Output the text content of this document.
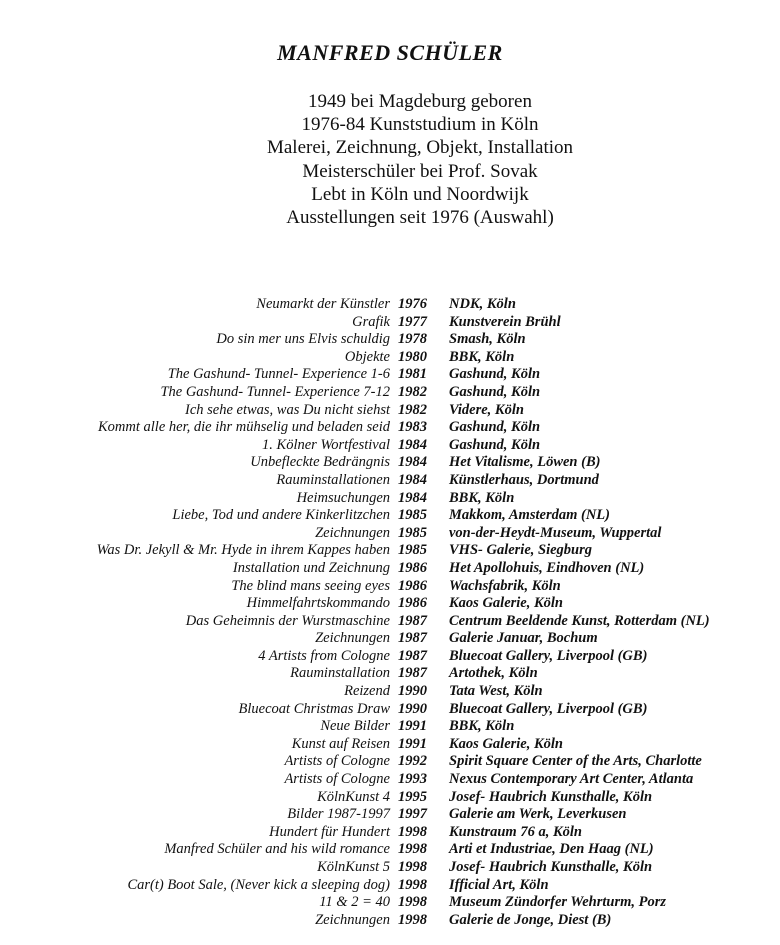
MANFRED SCHÜLER
1949 bei Magdeburg geboren
1976-84 Kunststudium in Köln
Malerei, Zeichnung, Objekt, Installation
Meisterschüler bei Prof. Sovak
Lebt in Köln und Noordwijk
Ausstellungen seit 1976 (Auswahl)
Neumarkt der Künstler 1976	NDK, Köln
Grafik 1977	Kunstverein Brühl
Do sin mer uns Elvis schuldig 1978	Smash, Köln
Objekte 1980	BBK, Köln
The Gashund- Tunnel- Experience 1-6 1981	Gashund, Köln
The Gashund- Tunnel- Experience 7-12 1982	Gashund, Köln
Ich sehe etwas, was Du nicht siehst 1982	Videre, Köln
Kommt alle her, die ihr mühselig und beladen seid 1983	Gashund, Köln
1. Kölner Wortfestival 1984	Gashund, Köln
Unbefleckte Bedrängnis 1984	Het Vitalisme, Löwen (B)
Rauminstallationen 1984	Künstlerhaus, Dortmund
Heimsuchungen 1984	BBK, Köln
Liebe, Tod und andere Kinkerlitzchen 1985	Makkom, Amsterdam (NL)
Zeichnungen 1985	von-der-Heydt-Museum, Wuppertal
Was Dr. Jekyll & Mr. Hyde in ihrem Kappes haben 1985	VHS- Galerie, Siegburg
Installation und Zeichnung 1986	Het Apollohuis, Eindhoven (NL)
The blind mans seeing eyes 1986	Wachsfabrik, Köln
Himmelfahrtskommando 1986	Kaos Galerie, Köln
Das Geheimnis der Wurstmaschine 1987	Centrum Beeldende Kunst, Rotterdam (NL)
Zeichnungen 1987	Galerie Januar, Bochum
4 Artists from Cologne 1987	Bluecoat Gallery, Liverpool (GB)
Rauminstallation 1987	Artothek, Köln
Reizend 1990	Tata West, Köln
Bluecoat Christmas Draw 1990	Bluecoat Gallery, Liverpool (GB)
Neue Bilder 1991	BBK, Köln
Kunst auf Reisen 1991	Kaos Galerie, Köln
Artists of Cologne 1992	Spirit Square Center of the Arts, Charlotte
Artists of Cologne 1993	Nexus Contemporary Art Center, Atlanta
KölnKunst 4 1995	Josef- Haubrich Kunsthalle, Köln
Bilder 1987-1997 1997	Galerie am Werk, Leverkusen
Hundert für Hundert 1998	Kunstraum 76 a, Köln
Manfred Schüler and his wild romance 1998	Arti et Industriae, Den Haag (NL)
KölnKunst 5 1998	Josef- Haubrich Kunsthalle, Köln
Car(t) Boot Sale, (Never kick a sleeping dog) 1998	Ifficial Art, Köln
11 & 2 = 40 1998	Museum Zündorfer Wehrturm, Porz
Zeichnungen 1998	Galerie de Jonge, Diest (B)
